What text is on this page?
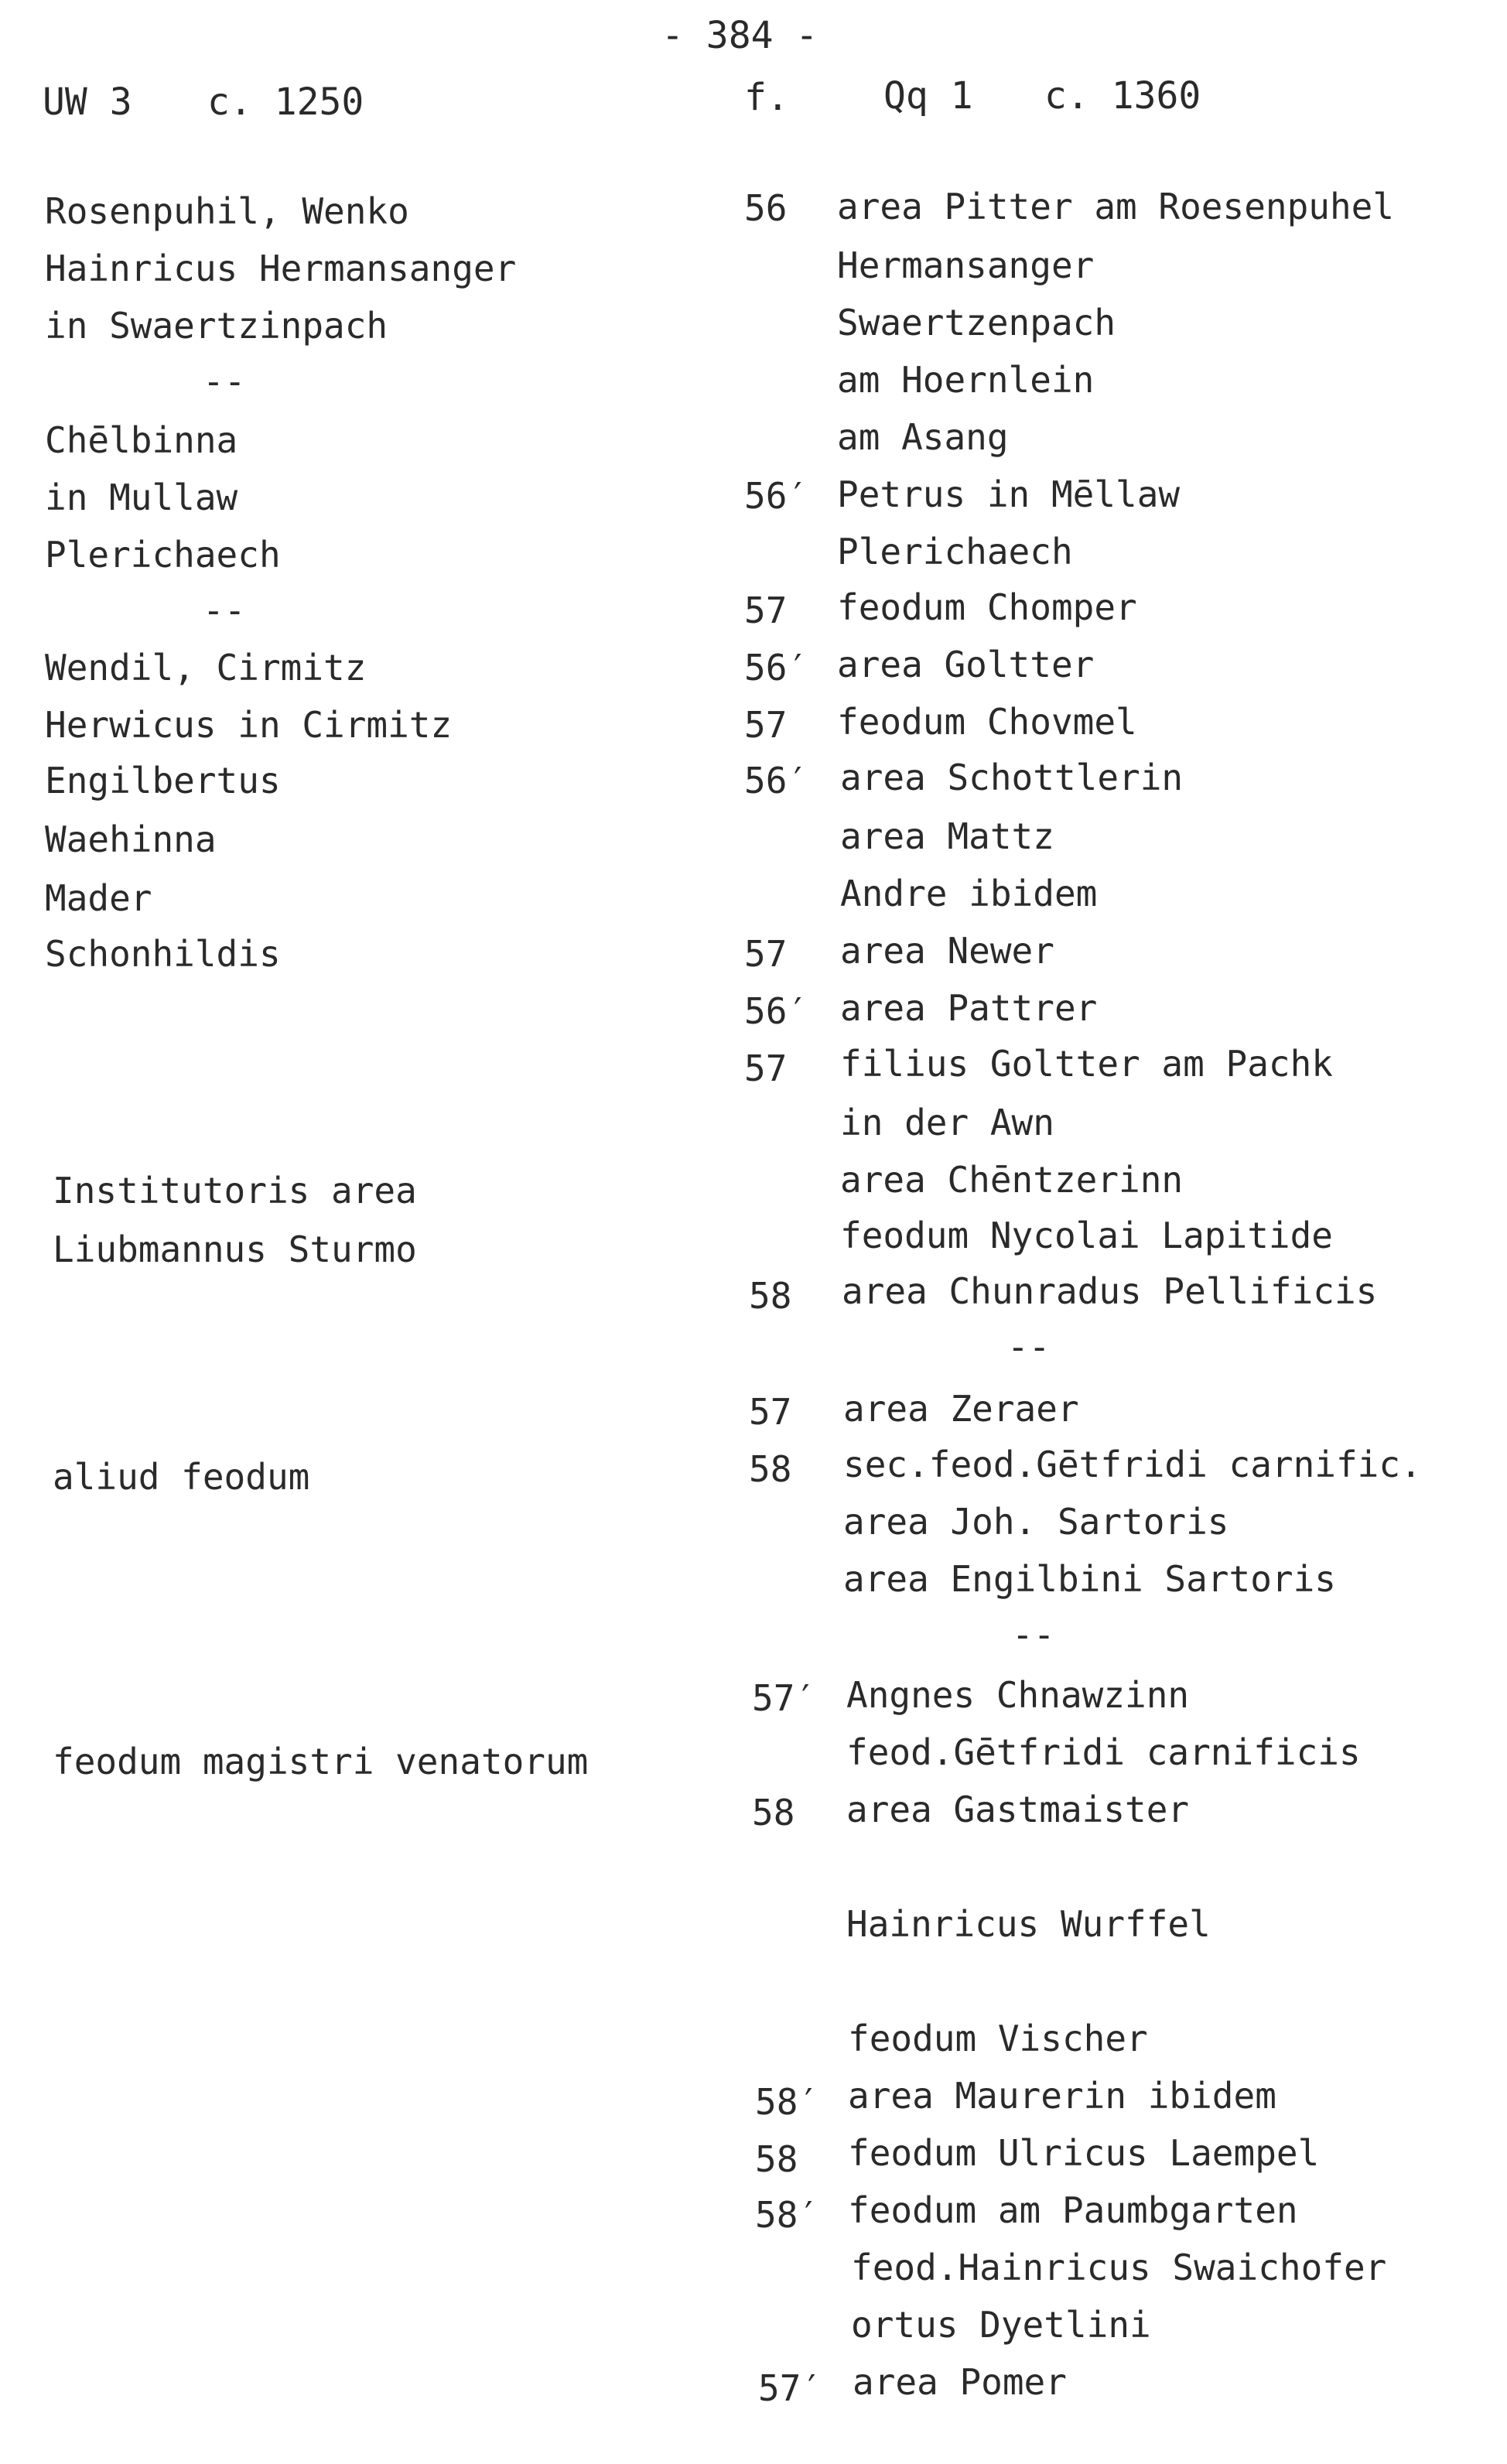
- 384 -
UW 3 c. 1250	f.	Qq 1 c. 1360
Rosenpuhil, Wenko
Hainricus Hermansanger
in Swaertzinpach
--
Chēlbinna
in Mullaw
Plerichaech
--
Wendil, Cirmitz
Herwicus in Cirmitz
Engilbertus
Waehinna
Mader
Schonhildis
Institutoris area
Liubmannus Sturmo
aliud feodum
feodum magistri venatorum
56 area Pitter am Roesenpuhel
Hermansanger
Swaertzenpach
am Hoernlein
am Asang
56′ Petrus in Mēllaw
Plerichaech
57 feodum Chomper
56′ area Goltter
57 feodum Chovmel
56′ area Schottlerin
area Mattz
Andre ibidem
57 area Newer
56′ area Pattrer
57 filius Goltter am Pachk
in der Awn
area Chēntzerinn
feodum Nycolai Lapitide
58 area Chunradus Pellificis
--
57 area Zeraer
58 sec.feod.Gētfridi carnific.
area Joh. Sartoris
area Engilbini Sartoris
--
57′ Angnes Chnawzinn
feod.Gētfridi carnificis
58 area Gastmaister
Hainricus Wurffel
feodum Vischer
58′ area Maurerin ibidem
58 feodum Ulricus Laempel
58′ feodum am Paumbgarten
feod.Hainricus Swaichofer
ortus Dyetlini
57′ area Pomer
